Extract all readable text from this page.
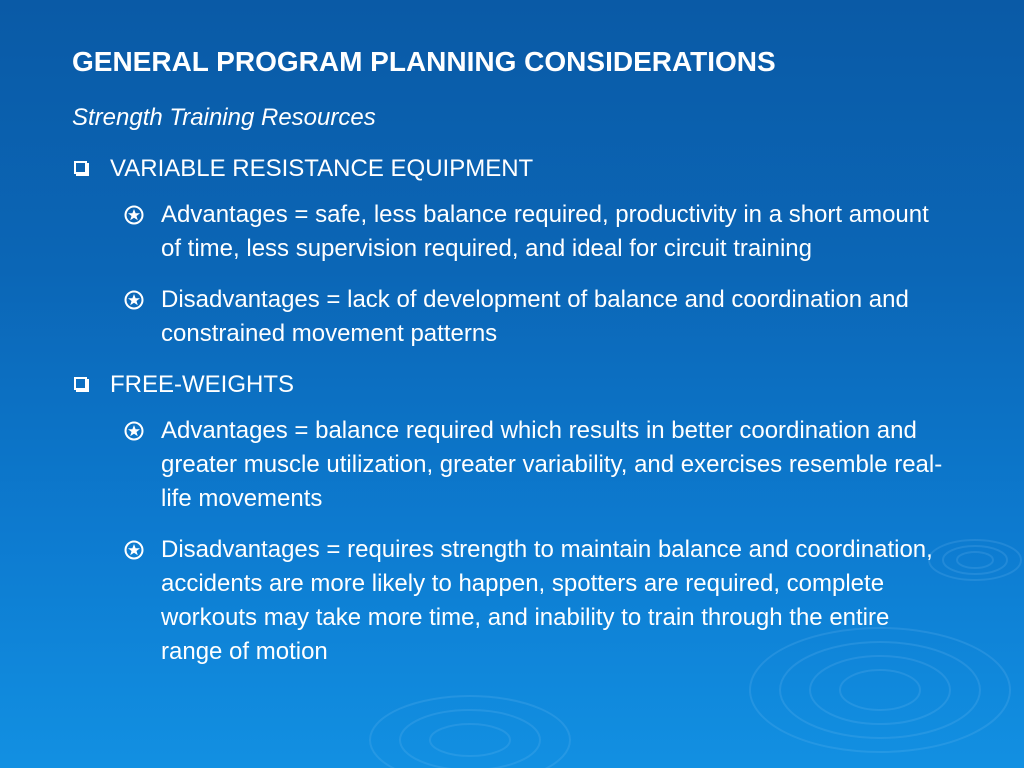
GENERAL PROGRAM PLANNING CONSIDERATIONS
Strength Training Resources
VARIABLE RESISTANCE EQUIPMENT
Advantages = safe, less balance required, productivity in a short amount of time, less supervision required, and ideal for circuit training
Disadvantages = lack of development of balance and coordination and constrained movement patterns
FREE-WEIGHTS
Advantages = balance required which results in better coordination and greater muscle utilization, greater variability, and exercises resemble real-life movements
Disadvantages = requires strength to maintain balance and coordination, accidents are more likely to happen, spotters are required, complete workouts may take more time, and inability to train through the entire range of motion
